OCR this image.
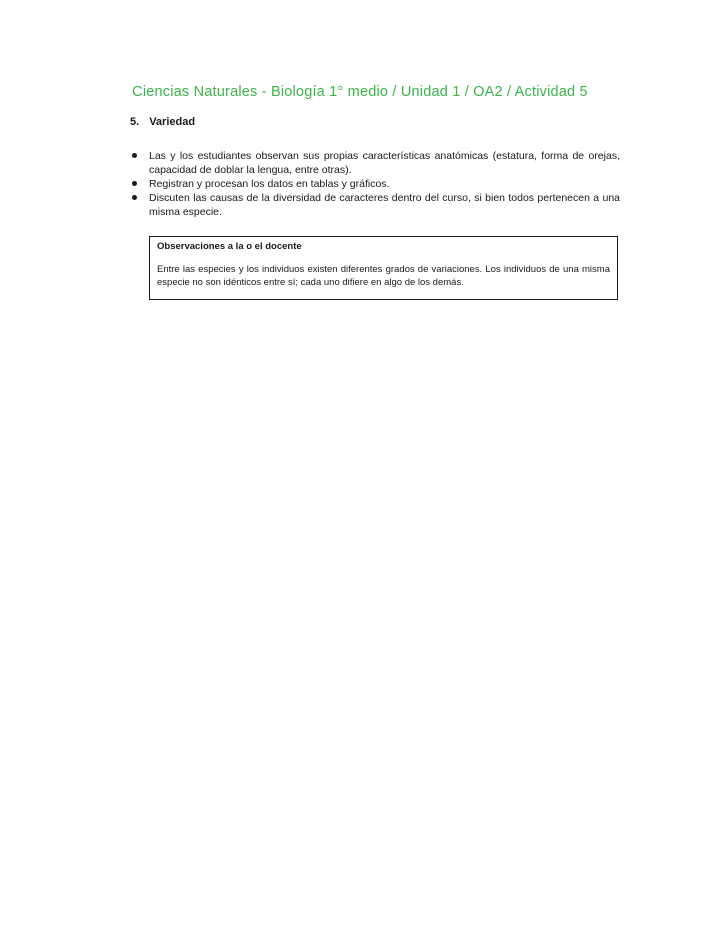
Ciencias Naturales - Biología 1° medio / Unidad 1 / OA2 / Actividad 5
5. Variedad
Las y los estudiantes observan sus propias características anatómicas (estatura, forma de orejas, capacidad de doblar la lengua, entre otras).
Registran y procesan los datos en tablas y gráficos.
Discuten las causas de la diversidad de caracteres dentro del curso, si bien todos pertenecen a una misma especie.
Observaciones a la o el docente
Entre las especies y los individuos existen diferentes grados de variaciones. Los individuos de una misma especie no son idénticos entre sí; cada uno difiere en algo de los demás.
